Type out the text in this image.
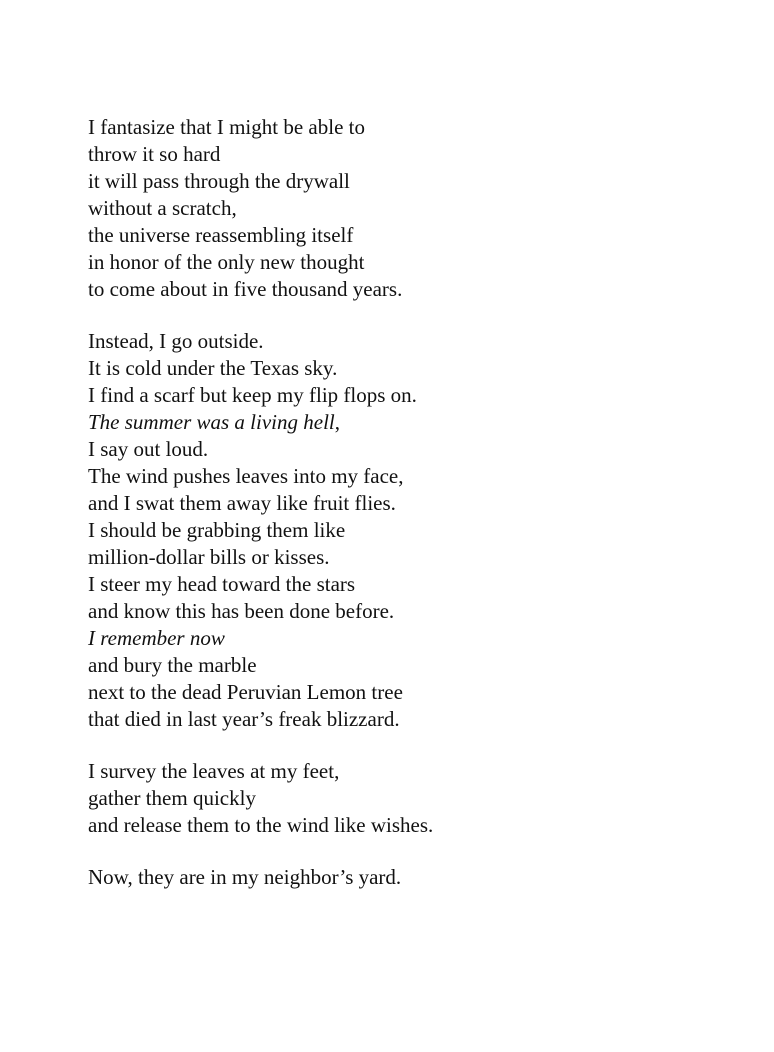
I fantasize that I might be able to
throw it so hard
it will pass through the drywall
without a scratch,
the universe reassembling itself
in honor of the only new thought
to come about in five thousand years.
Instead, I go outside.
It is cold under the Texas sky.
I find a scarf but keep my flip flops on.
The summer was a living hell,
I say out loud.
The wind pushes leaves into my face,
and I swat them away like fruit flies.
I should be grabbing them like
million-dollar bills or kisses.
I steer my head toward the stars
and know this has been done before.
I remember now
and bury the marble
next to the dead Peruvian Lemon tree
that died in last year’s freak blizzard.
I survey the leaves at my feet,
gather them quickly
and release them to the wind like wishes.
Now, they are in my neighbor’s yard.
